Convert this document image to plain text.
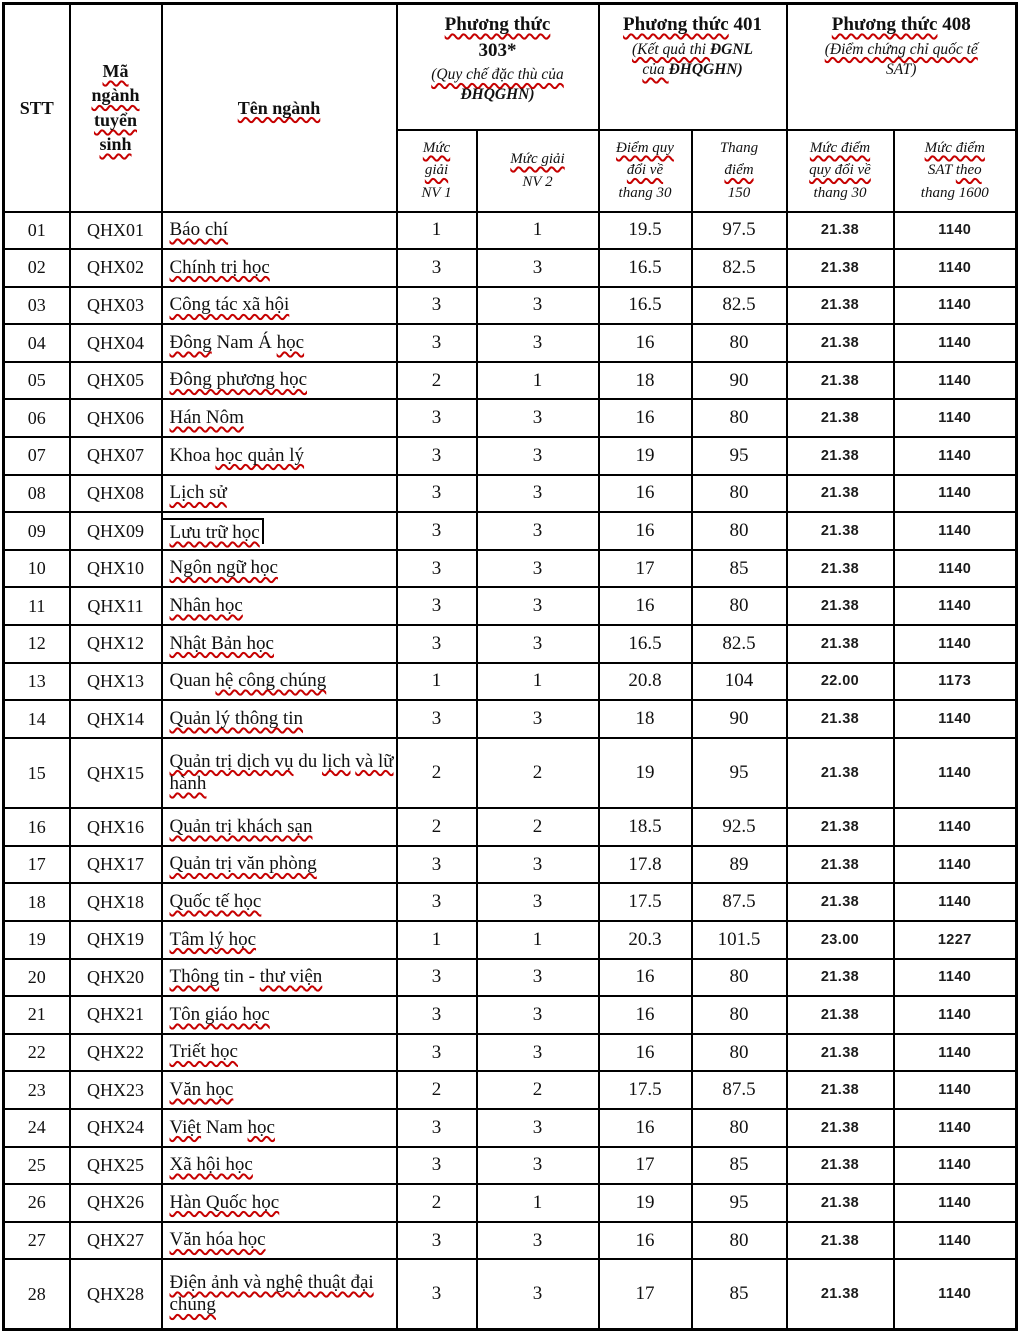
STT	Mã
ngành
tuyển
sinh	Tên ngành	
Phương thức
303*
(Quy chế đặc thù của
ĐHQGHN)

Phương thức 401
(Kết quả thi ĐGNL
của ĐHQGHN)

Phương thức 408
(Điểm chứng chỉ quốc tế
SAT)

			Mức
giải
NV 1	Mức giải
NV 2	Điểm quy
đổi về
thang 30	Thang
điểm
150	Mức điểm
quy đổi về
thang 30	Mức điểm
SAT theo
thang 1600
01	QHX01	Báo chí	1	1	19.5	97.5	21.38	1140
02	QHX02	Chính trị học	3	3	16.5	82.5	21.38	1140
03	QHX03	Công tác xã hội	3	3	16.5	82.5	21.38	1140
04	QHX04	Đông Nam Á học	3	3	16	80	21.38	1140
05	QHX05	Đông phương học	2	1	18	90	21.38	1140
06	QHX06	Hán Nôm	3	3	16	80	21.38	1140
07	QHX07	Khoa học quản lý	3	3	19	95	21.38	1140
08	QHX08	Lịch sử	3	3	16	80	21.38	1140
09	QHX09	Lưu trữ học	3	3	16	80	21.38	1140
10	QHX10	Ngôn ngữ học	3	3	17	85	21.38	1140
11	QHX11	Nhân học	3	3	16	80	21.38	1140
12	QHX12	Nhật Bản học	3	3	16.5	82.5	21.38	1140
13	QHX13	Quan hệ công chúng	1	1	20.8	104	22.00	1173
14	QHX14	Quản lý thông tin	3	3	18	90	21.38	1140
15	QHX15	Quản trị dịch vụ du lịch và lữ hành	2	2	19	95	21.38	1140
16	QHX16	Quản trị khách sạn	2	2	18.5	92.5	21.38	1140
17	QHX17	Quản trị văn phòng	3	3	17.8	89	21.38	1140
18	QHX18	Quốc tế học	3	3	17.5	87.5	21.38	1140
19	QHX19	Tâm lý học	1	1	20.3	101.5	23.00	1227
20	QHX20	Thông tin - thư viện	3	3	16	80	21.38	1140
21	QHX21	Tôn giáo học	3	3	16	80	21.38	1140
22	QHX22	Triết học	3	3	16	80	21.38	1140
23	QHX23	Văn học	2	2	17.5	87.5	21.38	1140
24	QHX24	Việt Nam học	3	3	16	80	21.38	1140
25	QHX25	Xã hội học	3	3	17	85	21.38	1140
26	QHX26	Hàn Quốc học	2	1	19	95	21.38	1140
27	QHX27	Văn hóa học	3	3	16	80	21.38	1140
28	QHX28	Điện ảnh và nghệ thuật đại chúng	3	3	17	85	21.38	1140
